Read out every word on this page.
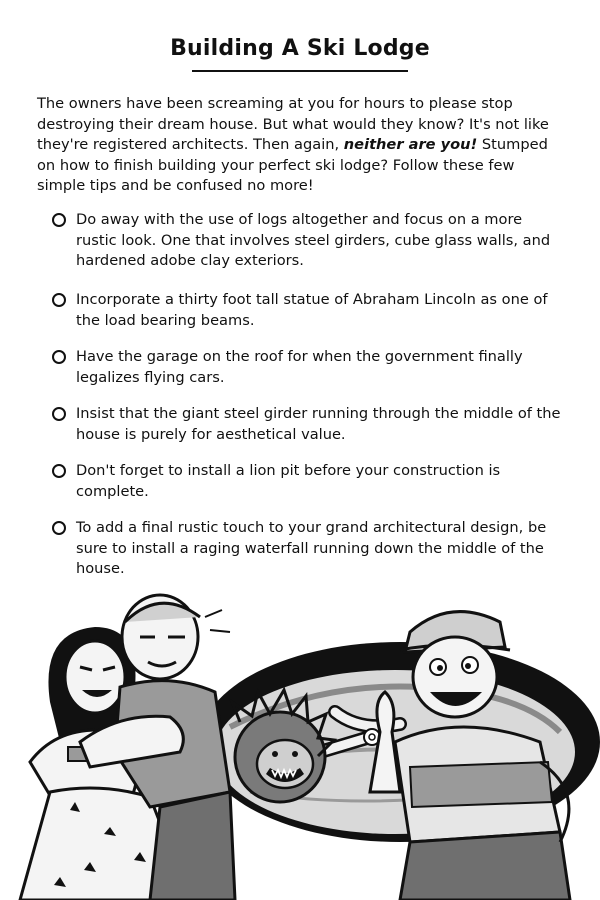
Building A Ski Lodge
The owners have been screaming at you for hours to please stop destroying their dream house. But what would they know? It's not like they're registered architects. Then again, neither are you! Stumped on how to finish building your perfect ski lodge? Follow these few simple tips and be confused no more!
Do away with the use of logs altogether and focus on a more rustic look. One that involves steel girders, cube glass walls, and hardened adobe clay exteriors.
Incorporate a thirty foot tall statue of Abraham Lincoln as one of the load bearing beams.
Have the garage on the roof for when the government finally legalizes flying cars.
Insist that the giant steel girder running through the middle of the house is purely for aesthetical value.
Don't forget to install a lion pit before your construction is complete.
To add a final rustic touch to your grand architectural design, be sure to install a raging waterfall running down the middle of the house.
